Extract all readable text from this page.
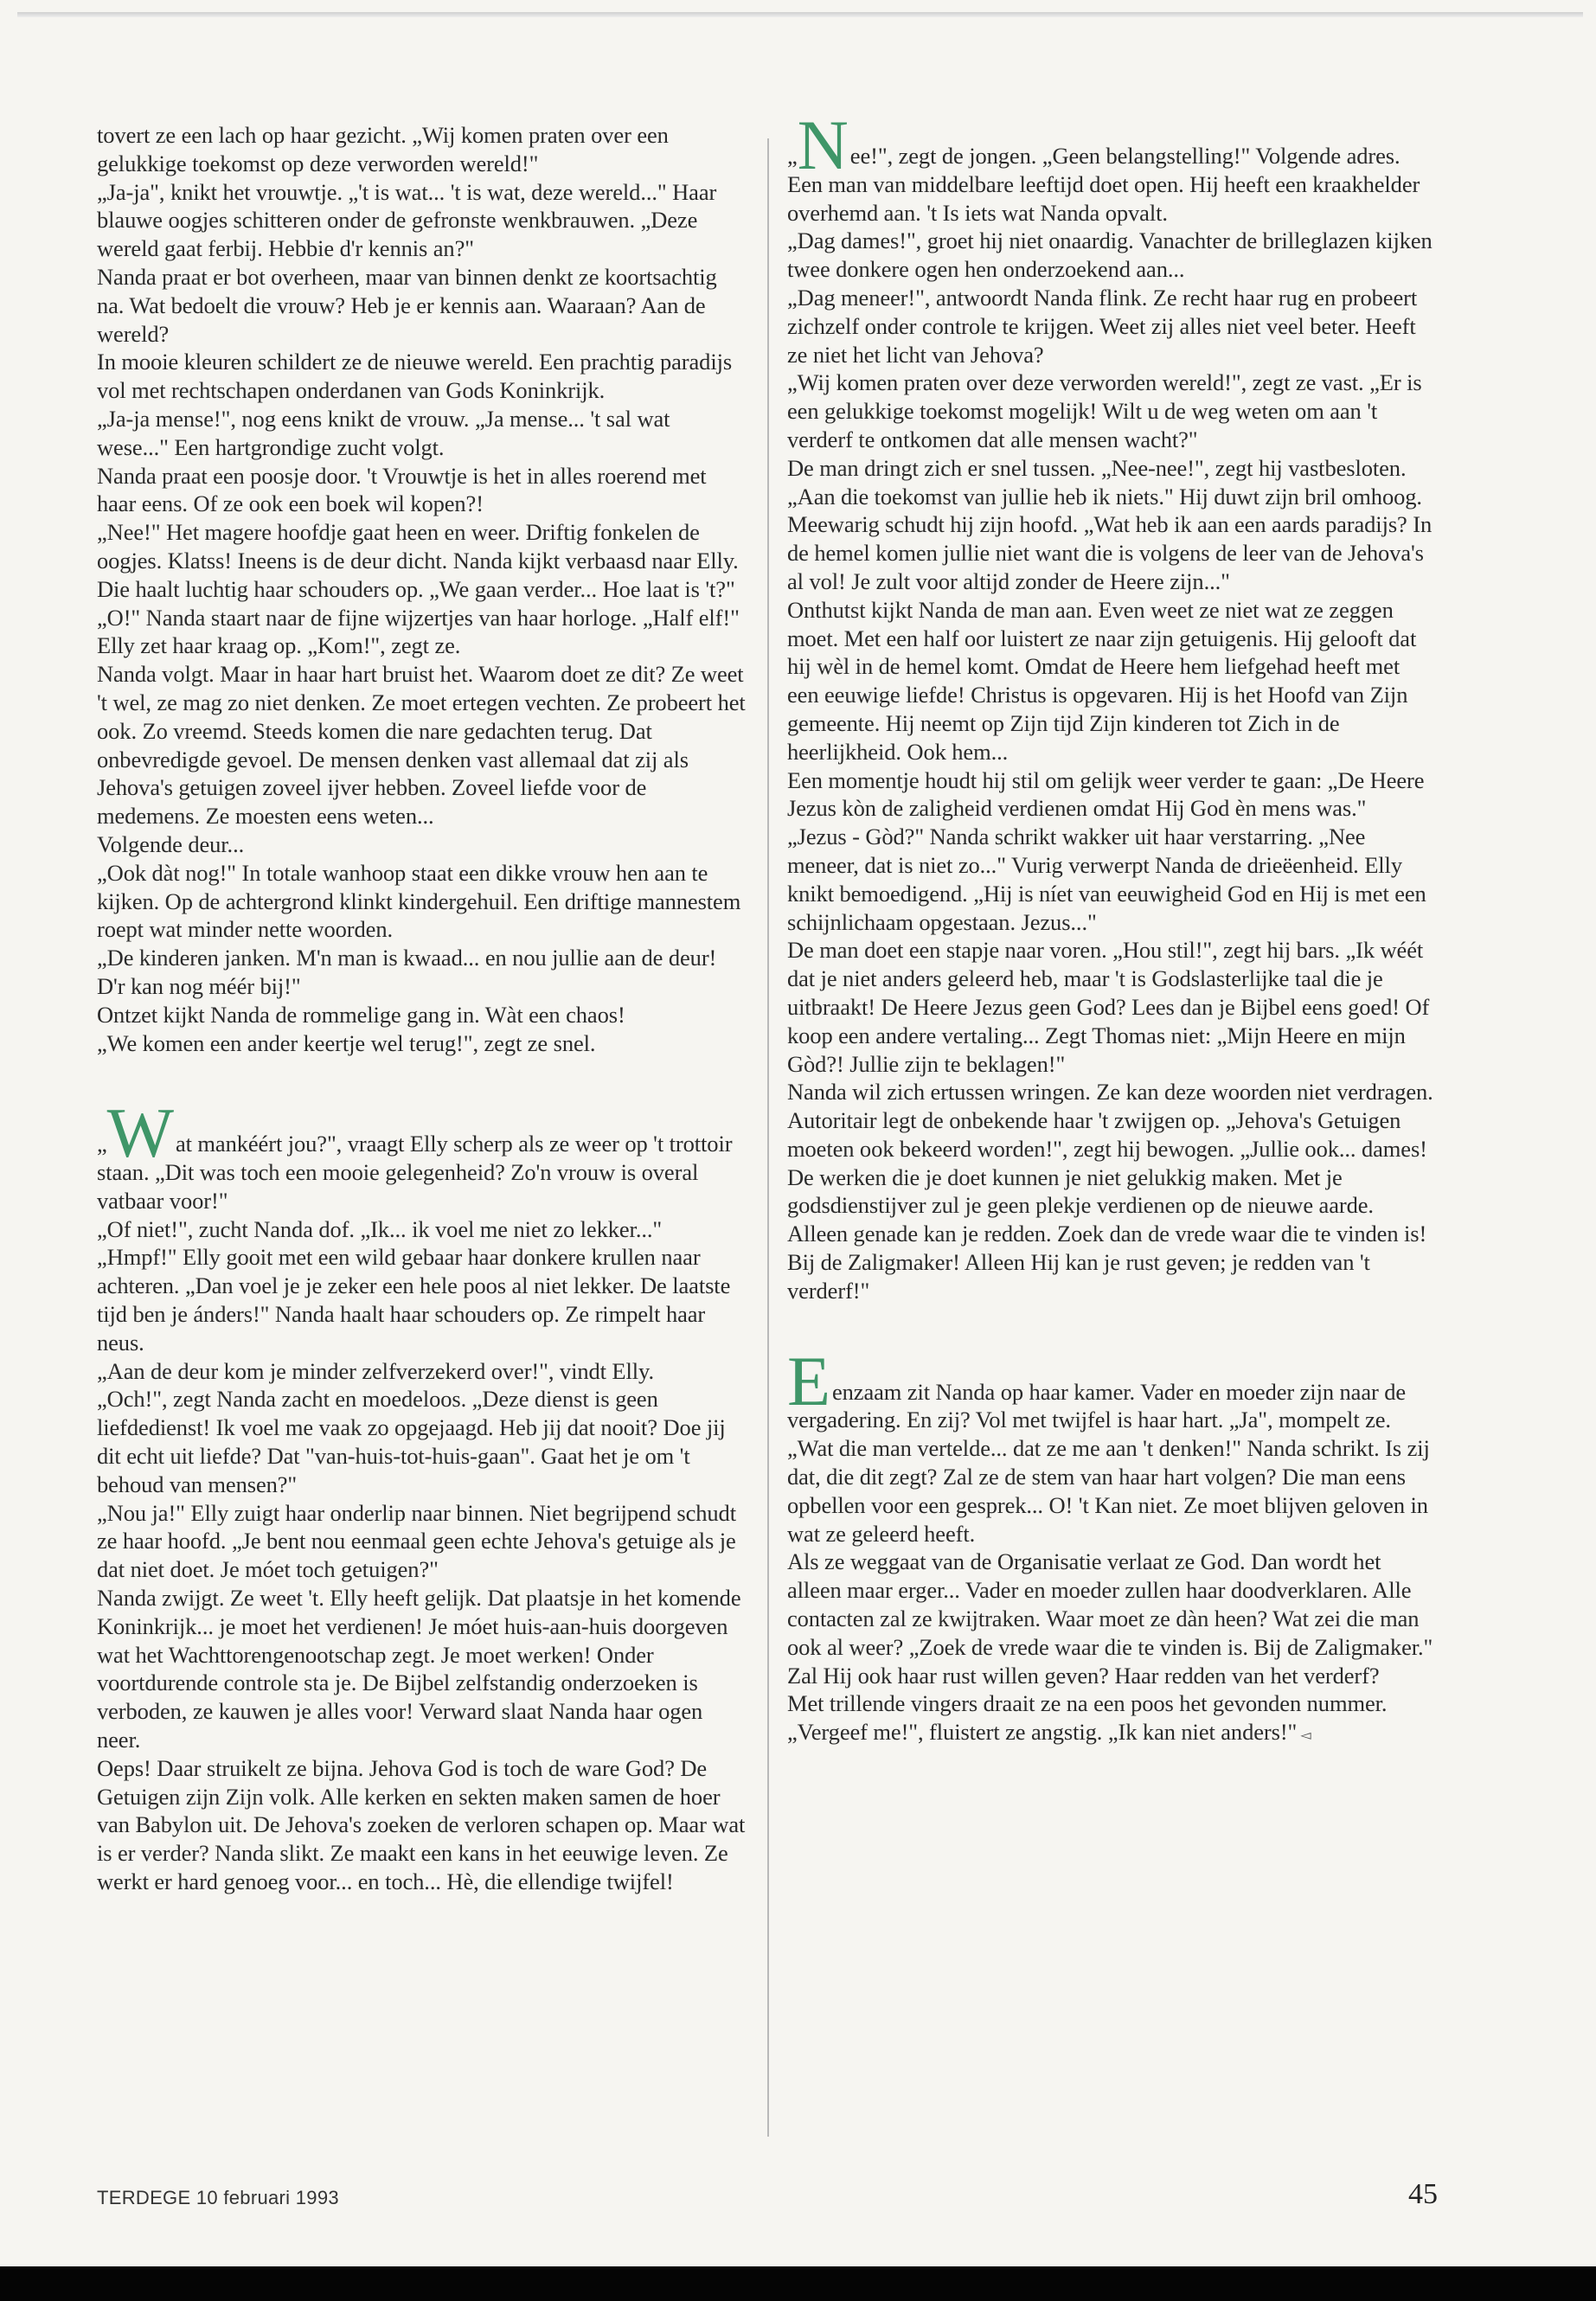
tovert ze een lach op haar gezicht. „Wij komen praten over een gelukkige toekomst op deze verworden wereld!"
„Ja-ja", knikt het vrouwtje. „'t is wat... 't is wat, deze wereld..." Haar blauwe oogjes schitteren onder de gefronste wenkbrauwen. „Deze wereld gaat ferbij. Hebbie d'r kennis an?"
Nanda praat er bot overheen, maar van binnen denkt ze koortsachtig na. Wat bedoelt die vrouw? Heb je er kennis aan. Waaraan? Aan de wereld?
In mooie kleuren schildert ze de nieuwe wereld. Een prachtig paradijs vol met rechtschapen onderdanen van Gods Koninkrijk.
„Ja-ja mense!", nog eens knikt de vrouw. „Ja mense... 't sal wat wese..." Een hartgrondige zucht volgt.
Nanda praat een poosje door. 't Vrouwtje is het in alles roerend met haar eens. Of ze ook een boek wil kopen?!
„Nee!" Het magere hoofdje gaat heen en weer. Driftig fonkelen de oogjes. Klatss! Ineens is de deur dicht. Nanda kijkt verbaasd naar Elly. Die haalt luchtig haar schouders op. „We gaan verder... Hoe laat is 't?"
„O!" Nanda staart naar de fijne wijzertjes van haar horloge. „Half elf!" Elly zet haar kraag op. „Kom!", zegt ze.
Nanda volgt. Maar in haar hart bruist het. Waarom doet ze dit? Ze weet 't wel, ze mag zo niet denken. Ze moet ertegen vechten. Ze probeert het ook. Zo vreemd. Steeds komen die nare gedachten terug. Dat onbevredigde gevoel. De mensen denken vast allemaal dat zij als Jehova's getuigen zoveel ijver hebben. Zoveel liefde voor de medemens. Ze moesten eens weten...
Volgende deur...
„Ook dàt nog!" In totale wanhoop staat een dikke vrouw hen aan te kijken. Op de achtergrond klinkt kindergehuil. Een driftige mannestem roept wat minder nette woorden.
„De kinderen janken. M'n man is kwaad... en nou jullie aan de deur! D'r kan nog méér bij!"
Ontzet kijkt Nanda de rommelige gang in. Wàt een chaos!
„We komen een ander keertje wel terug!", zegt ze snel.

„Wat mankéért jou?", vraagt Elly scherp als ze weer op 't trottoir staan. „Dit was toch een mooie gelegenheid? Zo'n vrouw is overal vatbaar voor!"
„Of niet!", zucht Nanda dof. „Ik... ik voel me niet zo lekker..."
„Hmpf!" Elly gooit met een wild gebaar haar donkere krullen naar achteren. „Dan voel je je zeker een hele poos al niet lekker. De laatste tijd ben je ánders!" Nanda haalt haar schouders op. Ze rimpelt haar neus.
„Aan de deur kom je minder zelfverzekerd over!", vindt Elly.
„Och!", zegt Nanda zacht en moedeloos. „Deze dienst is geen liefdedienst! Ik voel me vaak zo opgejaagd. Heb jij dat nooit? Doe jij dit echt uit liefde? Dat "van-huis-tot-huis-gaan". Gaat het je om 't behoud van mensen?"
„Nou ja!" Elly zuigt haar onderlip naar binnen. Niet begrijpend schudt ze haar hoofd. „Je bent nou eenmaal geen echte Jehova's getuige als je dat niet doet. Je móet toch getuigen?"
Nanda zwijgt. Ze weet 't. Elly heeft gelijk. Dat plaatsje in het komende Koninkrijk... je moet het verdienen! Je móet huis-aan-huis doorgeven wat het Wachttorengenootschap zegt. Je moet werken! Onder voortdurende controle sta je. De Bijbel zelfstandig onderzoeken is verboden, ze kauwen je alles voor! Verward slaat Nanda haar ogen neer.
Oeps! Daar struikelt ze bijna. Jehova God is toch de ware God? De Getuigen zijn Zijn volk. Alle kerken en sekten maken samen de hoer van Babylon uit. De Jehova's zoeken de verloren schapen op. Maar wat is er verder? Nanda slikt. Ze maakt een kans in het eeuwige leven. Ze werkt er hard genoeg voor... en toch... Hè, die ellendige twijfel!

„Nee!", zegt de jongen. „Geen belangstelling!" Volgende adres. Een man van middelbare leeftijd doet open. Hij heeft een kraakhelder overhemd aan. 't Is iets wat Nanda opvalt.
„Dag dames!", groet hij niet onaardig. Vanachter de brilleglazen kijken twee donkere ogen hen onderzoekend aan...
„Dag meneer!", antwoordt Nanda flink. Ze recht haar rug en probeert zichzelf onder controle te krijgen. Weet zij alles niet veel beter. Heeft ze niet het licht van Jehova?
„Wij komen praten over deze verworden wereld!", zegt ze vast. „Er is een gelukkige toekomst mogelijk! Wilt u de weg weten om aan 't verderf te ontkomen dat alle mensen wacht?"
De man dringt zich er snel tussen. „Nee-nee!", zegt hij vastbesloten. „Aan die toekomst van jullie heb ik niets." Hij duwt zijn bril omhoog. Meewarig schudt hij zijn hoofd. „Wat heb ik aan een aards paradijs? In de hemel komen jullie niet want die is volgens de leer van de Jehova's al vol! Je zult voor altijd zonder de Heere zijn..."
Onthutst kijkt Nanda de man aan. Even weet ze niet wat ze zeggen moet. Met een half oor luistert ze naar zijn getuigenis. Hij gelooft dat hij wèl in de hemel komt. Omdat de Heere hem liefgehad heeft met een eeuwige liefde! Christus is opgevaren. Hij is het Hoofd van Zijn gemeente. Hij neemt op Zijn tijd Zijn kinderen tot Zich in de heerlijkheid. Ook hem...
Een momentje houdt hij stil om gelijk weer verder te gaan: „De Heere Jezus kòn de zaligheid verdienen omdat Hij God èn mens was."
„Jezus - Gòd?" Nanda schrikt wakker uit haar verstarring. „Nee meneer, dat is niet zo..." Vurig verwerpt Nanda de drieëenheid. Elly knikt bemoedigend. „Hij is níet van eeuwigheid God en Hij is met een schijnlichaam opgestaan. Jezus..."
De man doet een stapje naar voren. „Hou stil!", zegt hij bars. „Ik wéét dat je niet anders geleerd heb, maar 't is Godslasterlijke taal die je uitbraakt! De Heere Jezus geen God? Lees dan je Bijbel eens goed! Of koop een andere vertaling... Zegt Thomas niet: „Mijn Heere en mijn Gòd?! Jullie zijn te beklagen!"
Nanda wil zich ertussen wringen. Ze kan deze woorden niet verdragen. Autoritair legt de onbekende haar 't zwijgen op. „Jehova's Getuigen moeten ook bekeerd worden!", zegt hij bewogen. „Jullie ook... dames! De werken die je doet kunnen je niet gelukkig maken. Met je godsdienstijver zul je geen plekje verdienen op de nieuwe aarde. Alleen genade kan je redden. Zoek dan de vrede waar die te vinden is! Bij de Zaligmaker! Alleen Hij kan je rust geven; je redden van 't verderf!"

Eenzaam zit Nanda op haar kamer. Vader en moeder zijn naar de vergadering. En zij? Vol met twijfel is haar hart. „Ja", mompelt ze. „Wat die man vertelde... dat ze me aan 't denken!" Nanda schrikt. Is zij dat, die dit zegt? Zal ze de stem van haar hart volgen? Die man eens opbellen voor een gesprek... O! 't Kan niet. Ze moet blijven geloven in wat ze geleerd heeft.
Als ze weggaat van de Organisatie verlaat ze God. Dan wordt het alleen maar erger... Vader en moeder zullen haar doodverklaren. Alle contacten zal ze kwijtraken. Waar moet ze dàn heen? Wat zei die man ook al weer? „Zoek de vrede waar die te vinden is. Bij de Zaligmaker." Zal Hij ook haar rust willen geven? Haar redden van het verderf?
Met trillende vingers draait ze na een poos het gevonden nummer. „Vergeef me!", fluistert ze angstig. „Ik kan niet anders!" ◅

TERDEGE 10 februari 1993	45
